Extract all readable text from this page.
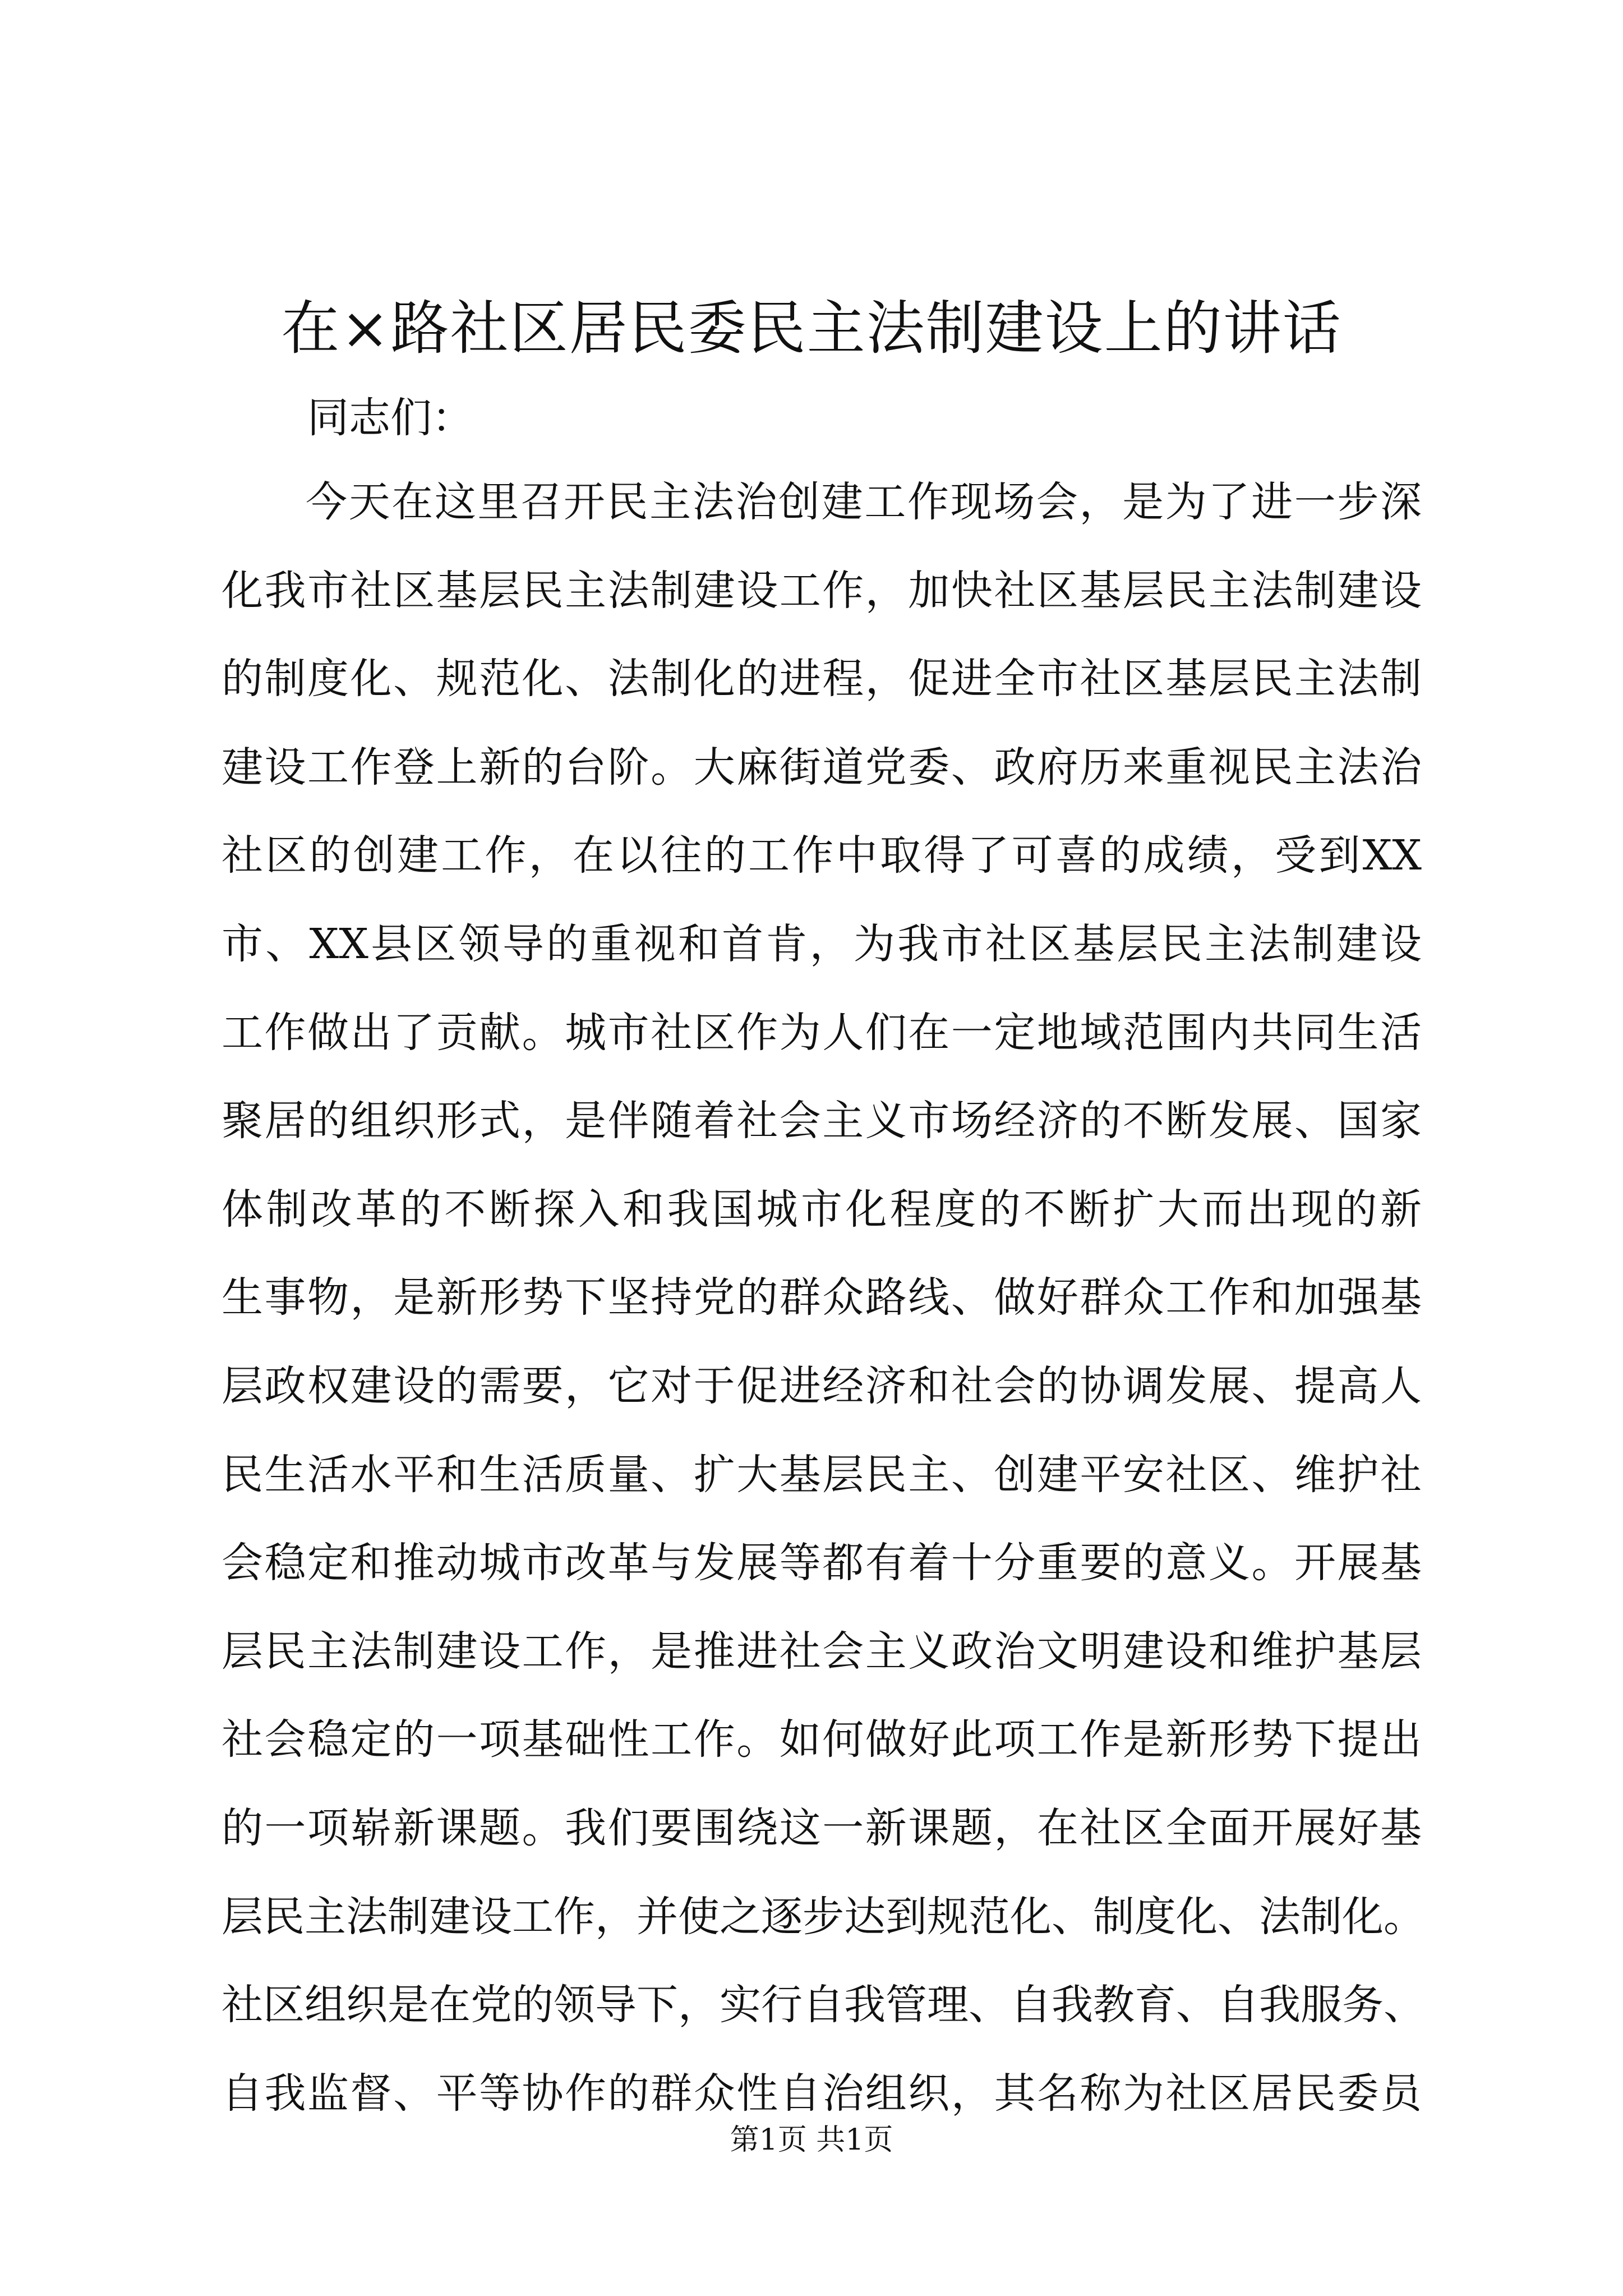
在×路社区居民委民主法制建设上的讲话
同志们：
今天在这里召开民主法治创建工作现场会，是为了进一步深
化我市社区基层民主法制建设工作，加快社区基层民主法制建设
的制度化、规范化、法制化的进程，促进全市社区基层民主法制
建设工作登上新的台阶。大麻街道党委、政府历来重视民主法治
社区的创建工作，在以往的工作中取得了可喜的成绩，受到XX
市、XX县区领导的重视和首肯，为我市社区基层民主法制建设
工作做出了贡献。城市社区作为人们在一定地域范围内共同生活
聚居的组织形式，是伴随着社会主义市场经济的不断发展、国家
体制改革的不断探入和我国城市化程度的不断扩大而出现的新
生事物，是新形势下坚持党的群众路线、做好群众工作和加强基
层政权建设的需要，它对于促进经济和社会的协调发展、提高人
民生活水平和生活质量、扩大基层民主、创建平安社区、维护社
会稳定和推动城市改革与发展等都有着十分重要的意义。开展基
层民主法制建设工作，是推进社会主义政治文明建设和维护基层
社会稳定的一项基础性工作。如何做好此项工作是新形势下提出
的一项崭新课题。我们要围绕这一新课题，在社区全面开展好基
层民主法制建设工作，并使之逐步达到规范化、制度化、法制化。
社区组织是在党的领导下，实行自我管理、自我教育、自我服务、
自我监督、平等协作的群众性自治组织，其名称为社区居民委员
第1页 共1页
